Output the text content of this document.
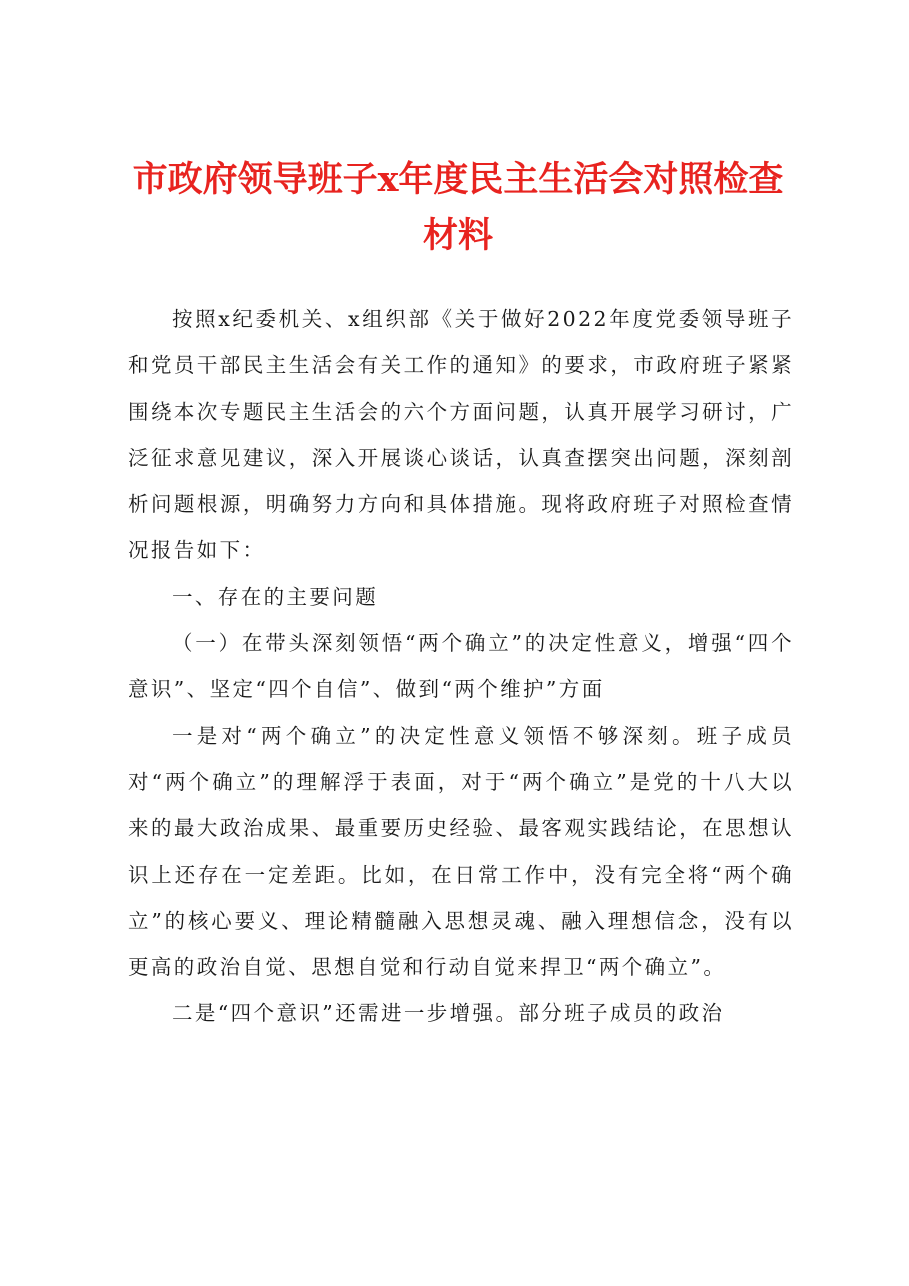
市政府领导班子x年度民主生活会对照检查材料

按照x纪委机关、x组织部《关于做好2022年度党委领导班子和党员干部民主生活会有关工作的通知》的要求，市政府班子紧紧围绕本次专题民主生活会的六个方面问题，认真开展学习研讨，广泛征求意见建议，深入开展谈心谈话，认真查摆突出问题，深刻剖析问题根源，明确努力方向和具体措施。现将政府班子对照检查情况报告如下：

一、存在的主要问题

（一）在带头深刻领悟“两个确立”的决定性意义，增强“四个意识”、坚定“四个自信”、做到“两个维护”方面

一是对“两个确立”的决定性意义领悟不够深刻。班子成员对“两个确立”的理解浮于表面，对于“两个确立”是党的十八大以来的最大政治成果、最重要历史经验、最客观实践结论，在思想认识上还存在一定差距。比如，在日常工作中，没有完全将“两个确立”的核心要义、理论精髓融入思想灵魂、融入理想信念，没有以更高的政治自觉、思想自觉和行动自觉来捍卫“两个确立”。

二是“四个意识”还需进一步增强。部分班子成员的政治
